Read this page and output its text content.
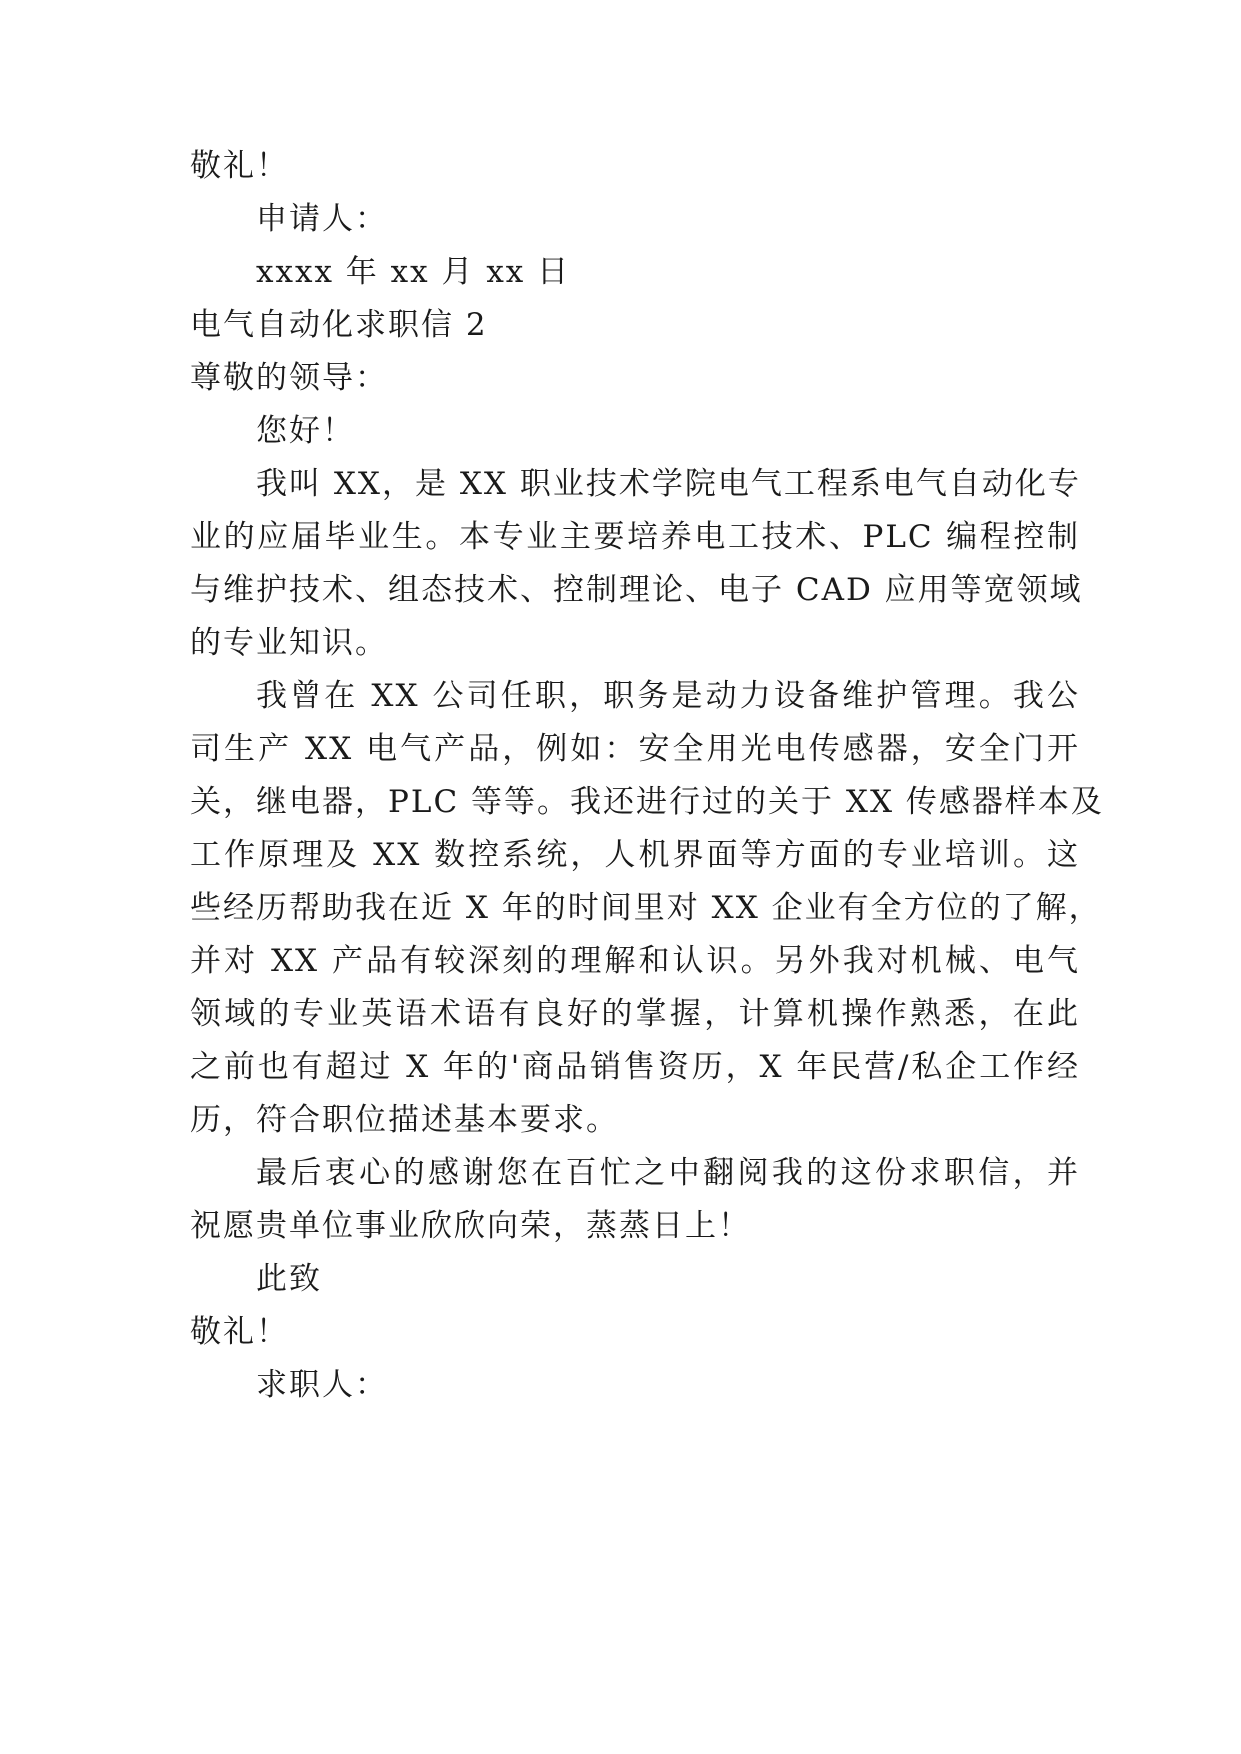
敬礼！
申请人：
xxxx 年 xx 月 xx 日
电气自动化求职信 2
尊敬的领导：
您好！
我叫 XX，是 XX 职业技术学院电气工程系电气自动化专
业的应届毕业生。本专业主要培养电工技术、PLC 编程控制
与维护技术、组态技术、控制理论、电子 CAD 应用等宽领域
的专业知识。
我曾在 XX 公司任职，职务是动力设备维护管理。我公
司生产 XX 电气产品，例如：安全用光电传感器，安全门开
关，继电器，PLC 等等。我还进行过的关于 XX 传感器样本及
工作原理及 XX 数控系统，人机界面等方面的专业培训。这
些经历帮助我在近 X 年的时间里对 XX 企业有全方位的了解，
并对 XX 产品有较深刻的理解和认识。另外我对机械、电气
领域的专业英语术语有良好的掌握，计算机操作熟悉，在此
之前也有超过 X 年的'商品销售资历，X 年民营/私企工作经
历，符合职位描述基本要求。
最后衷心的感谢您在百忙之中翻阅我的这份求职信，并
祝愿贵单位事业欣欣向荣，蒸蒸日上！
此致
敬礼！
求职人：
